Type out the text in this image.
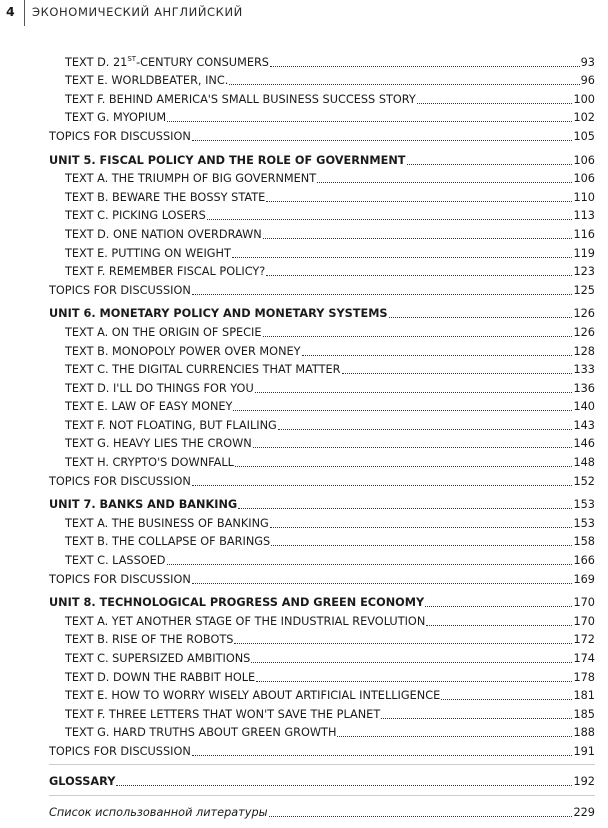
4 ЭКОНОМИЧЕСКИЙ АНГЛИЙСКИЙ
TEXT D. 21ST-CENTURY CONSUMERS	93
TEXT E. WORLDBEATER, INC.	96
TEXT F. BEHIND AMERICA'S SMALL BUSINESS SUCCESS STORY	100
TEXT G. MYOPIUM	102
TOPICS FOR DISCUSSION	105
UNIT 5. FISCAL POLICY AND THE ROLE OF GOVERNMENT	106
TEXT A. THE TRIUMPH OF BIG GOVERNMENT	106
TEXT B. BEWARE THE BOSSY STATE	110
TEXT C. PICKING LOSERS	113
TEXT D. ONE NATION OVERDRAWN	116
TEXT E. PUTTING ON WEIGHT	119
TEXT F. REMEMBER FISCAL POLICY?	123
TOPICS FOR DISCUSSION	125
UNIT 6. MONETARY POLICY AND MONETARY SYSTEMS	126
TEXT A. ON THE ORIGIN OF SPECIE	126
TEXT B. MONOPOLY POWER OVER MONEY	128
TEXT C. THE DIGITAL CURRENCIES THAT MATTER	133
TEXT D. I'LL DO THINGS FOR YOU	136
TEXT E. LAW OF EASY MONEY	140
TEXT F. NOT FLOATING, BUT FLAILING	143
TEXT G. HEAVY LIES THE CROWN	146
TEXT H. CRYPTO'S DOWNFALL	148
TOPICS FOR DISCUSSION	152
UNIT 7. BANKS AND BANKING	153
TEXT A. THE BUSINESS OF BANKING	153
TEXT B. THE COLLAPSE OF BARINGS	158
TEXT C. LASSOED	166
TOPICS FOR DISCUSSION	169
UNIT 8. TECHNOLOGICAL PROGRESS AND GREEN ECONOMY	170
TEXT A. YET ANOTHER STAGE OF THE INDUSTRIAL REVOLUTION	170
TEXT B. RISE OF THE ROBOTS	172
TEXT C. SUPERSIZED AMBITIONS	174
TEXT D. DOWN THE RABBIT HOLE	178
TEXT E. HOW TO WORRY WISELY ABOUT ARTIFICIAL INTELLIGENCE	181
TEXT F. THREE LETTERS THAT WON'T SAVE THE PLANET	185
TEXT G. HARD TRUTHS ABOUT GREEN GROWTH	188
TOPICS FOR DISCUSSION	191
GLOSSARY	192
Список использованной литературы	229
